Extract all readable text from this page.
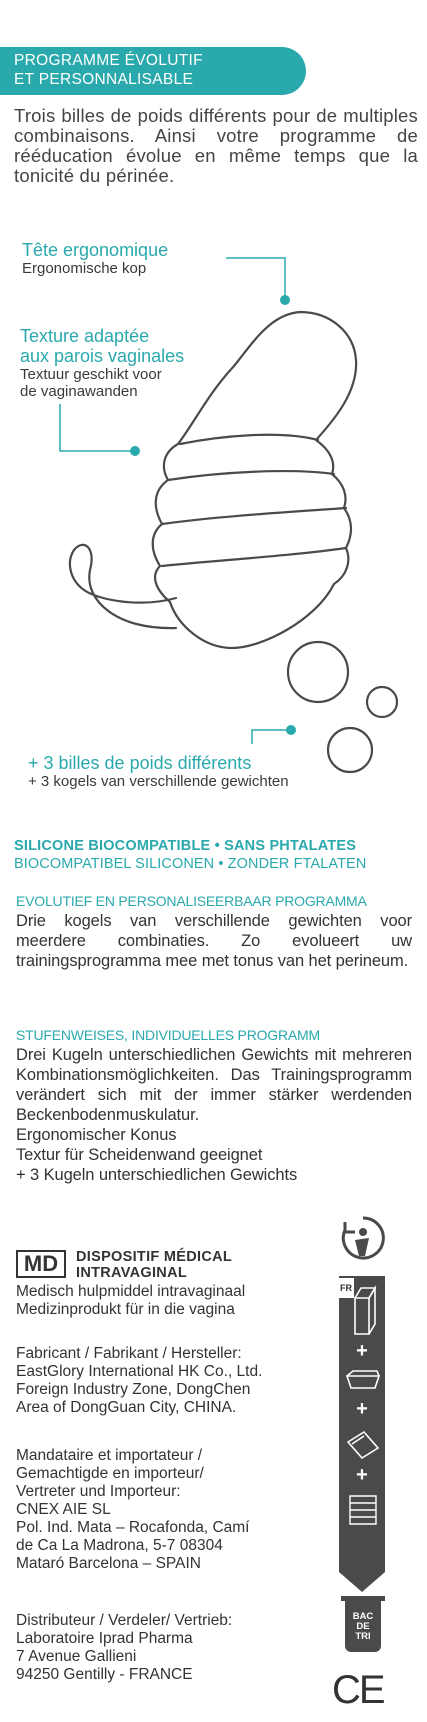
PROGRAMME ÉVOLUTIF
ET PERSONNALISABLE
Trois billes de poids différents pour de multiples combinaisons. Ainsi votre programme de rééducation évolue en même temps que la tonicité du périnée.
Tête ergonomique
Ergonomische kop
Texture adaptée
aux parois vaginales
Textuur geschikt voor
de vaginawanden
+ 3 billes de poids différents
+ 3 kogels van verschillende gewichten
SILICONE BIOCOMPATIBLE • SANS PHTALATES
BIOCOMPATIBEL SILICONEN • ZONDER FTALATEN
EVOLUTIEF EN PERSONALISEERBAAR PROGRAMMA
Drie kogels van verschillende gewichten voor meerdere combinaties. Zo evolueert uw trainingsprogramma mee met tonus van het perineum.
STUFENWEISES, INDIVIDUELLES PROGRAMM
Drei Kugeln unterschiedlichen Gewichts mit mehreren Kombinationsmöglichkeiten. Das Trainingsprogramm verändert sich mit der immer stärker werdenden Beckenbodenmuskulatur.
Ergonomischer Konus
Textur für Scheidenwand geeignet
+ 3 Kugeln unterschiedlichen Gewichts
MD	DISPOSITIF MÉDICAL
INTRAVAGINAL
Medisch hulpmiddel intravaginaal
Medizinprodukt für in die vagina
Fabricant / Fabrikant / Hersteller:
EastGlory International HK Co., Ltd.
Foreign Industry Zone, DongChen
Area of DongGuan City, CHINA.
Mandataire et importateur /
Gemachtigde en importeur/
Vertreter und Importeur:
CNEX AIE SL
Pol. Ind. Mata – Rocafonda, Camí
de Ca La Madrona, 5-7 08304
Mataró Barcelona – SPAIN
Distributeur / Verdeler/ Vertrieb:
Laboratoire Iprad Pharma
7 Avenue Gallieni
94250 Gentilly - FRANCE
FR
+
+
+
BAC DE TRI
CE
